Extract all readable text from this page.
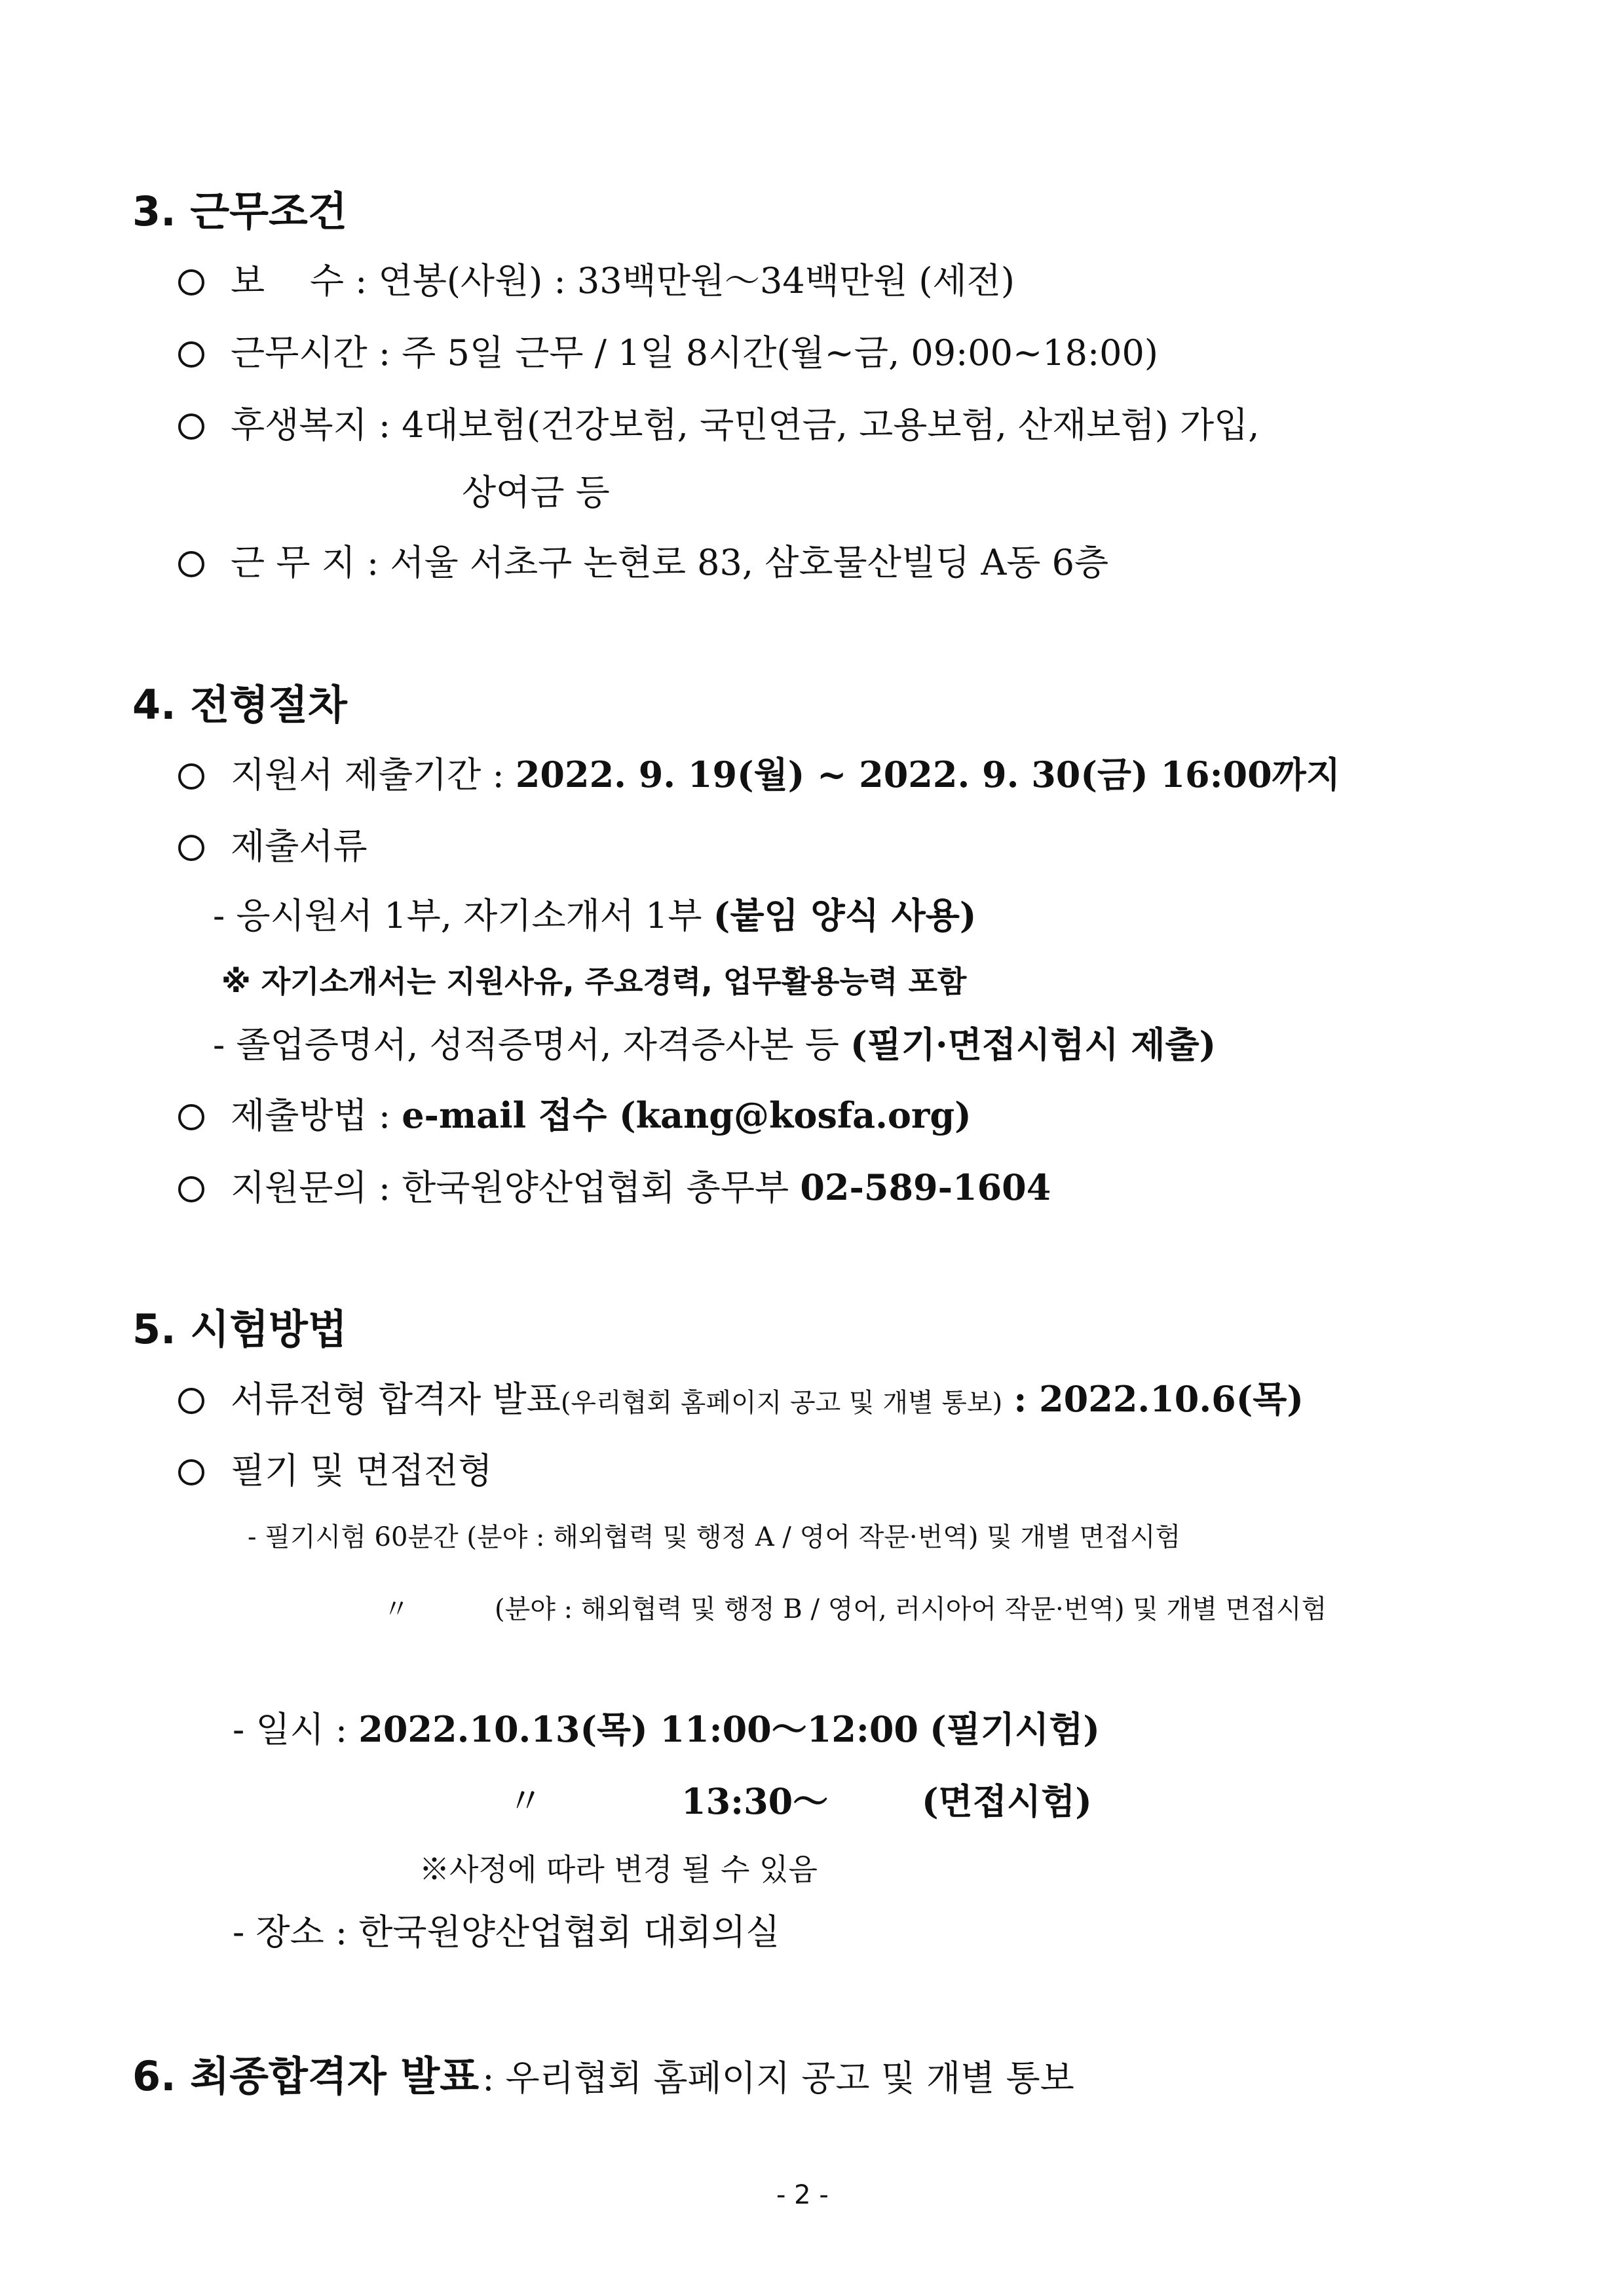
3. 근무조건
보    수 : 연봉(사원) : 33백만원～34백만원 (세전)
근무시간 : 주 5일 근무 / 1일 8시간(월~금, 09:00~18:00)
후생복지 : 4대보험(건강보험, 국민연금, 고용보험, 산재보험) 가입,
상여금 등
근 무 지 : 서울 서초구 논현로 83, 삼호물산빌딩 A동 6층
4. 전형절차
지원서 제출기간 : 2022. 9. 19(월) ~ 2022. 9. 30(금) 16:00까지
제출서류
- 응시원서 1부, 자기소개서 1부 (붙임 양식 사용)
※ 자기소개서는 지원사유, 주요경력, 업무활용능력 포함
- 졸업증명서, 성적증명서, 자격증사본 등 (필기·면접시험시 제출)
제출방법 : e-mail 접수 (kang@kosfa.org)
지원문의 : 한국원양산업협회 총무부 02-589-1604
5. 시험방법
서류전형 합격자 발표(우리협회 홈페이지 공고 및 개별 통보) : 2022.10.6(목)
필기 및 면접전형
- 필기시험 60분간 (분야 : 해외협력 및 행정 A / 영어 작문·번역) 및 개별 면접시험
〃	(분야 : 해외협력 및 행정 B / 영어, 러시아어 작문·번역) 및 개별 면접시험
- 일시 : 2022.10.13(목) 11:00～12:00 (필기시험)
〃	13:30～	(면접시험)
※사정에 따라 변경 될 수 있음
- 장소 : 한국원양산업협회 대회의실
6. 최종합격자 발표 : 우리협회 홈페이지 공고 및 개별 통보
- 2 -
